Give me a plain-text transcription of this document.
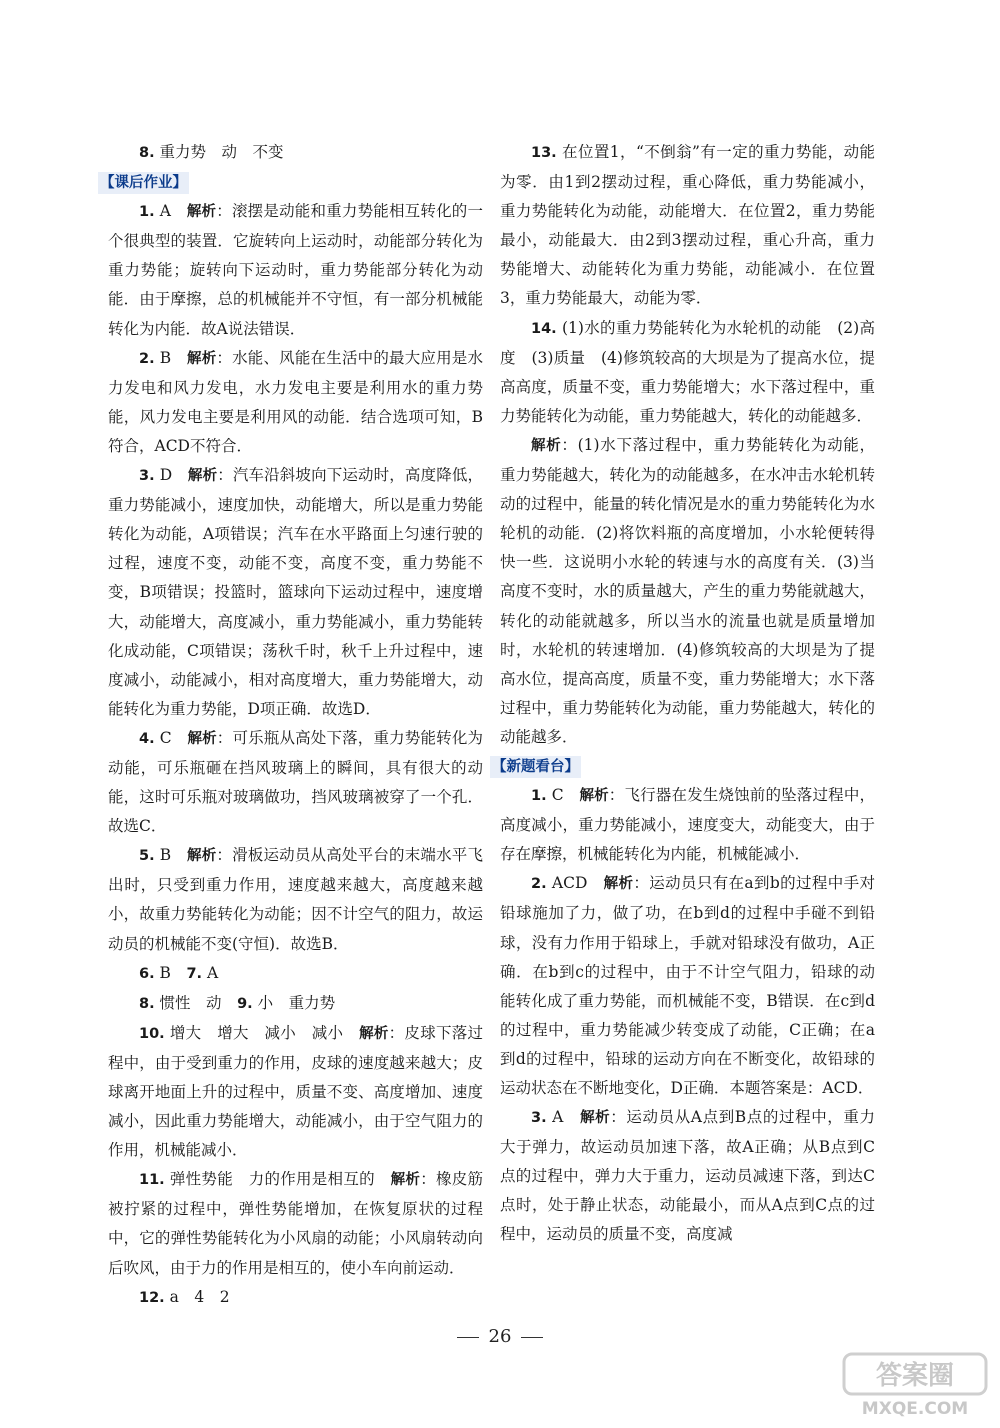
8. 重力势　动　不变

【课后作业】

1. A　 解析：滚摆是动能和重力势能相互转化的一个很典型的装置．它旋转向上运动时，动能部分转化为重力势能；旋转向下运动时，重力势能部分转化为动能．由于摩擦，总的机械能并不守恒，有一部分机械能转化为内能．故A说法错误．

2. B　 解析：水能、风能在生活中的最大应用是水力发电和风力发电，水力发电主要是利用水的重力势能，风力发电主要是利用风的动能．结合选项可知，B符合，ACD不符合．

3. D　 解析：汽车沿斜坡向下运动时，高度降低，重力势能减小，速度加快，动能增大，所以是重力势能转化为动能，A项错误；汽车在水平路面上匀速行驶的过程，速度不变，动能不变，高度不变，重力势能不变，B项错误；投篮时，篮球向下运动过程中，速度增大，动能增大，高度减小，重力势能减小，重力势能转化成动能，C项错误；荡秋千时，秋千上升过程中，速度减小，动能减小，相对高度增大，重力势能增大，动能转化为重力势能，D项正确．故选D．

4. C　 解析：可乐瓶从高处下落，重力势能转化为动能，可乐瓶砸在挡风玻璃上的瞬间，具有很大的动能，这时可乐瓶对玻璃做功，挡风玻璃被穿了一个孔．故选C．

5. B　 解析：滑板运动员从高处平台的末端水平飞出时，只受到重力作用，速度越来越大，高度越来越小，故重力势能转化为动能；因不计空气的阻力，故运动员的机械能不变(守恒)．故选B．

6. B　7. A

8. 惯性　动　9. 小　重力势

10. 增大　增大　减小　减小　 解析：皮球下落过程中，由于受到重力的作用，皮球的速度越来越大；皮球离开地面上升的过程中，质量不变、高度增加、速度减小，因此重力势能增大，动能减小，由于空气阻力的作用，机械能减小．

11. 弹性势能　力的作用是相互的　 解析：橡皮筋被拧紧的过程中，弹性势能增加，在恢复原状的过程中，它的弹性势能转化为小风扇的动能；小风扇转动向后吹风，由于力的作用是相互的，使小车向前运动．

12. a　4　2

13. 在位置1，“不倒翁”有一定的重力势能，动能为零．由1到2摆动过程，重心降低，重力势能减小，重力势能转化为动能，动能增大．在位置2，重力势能最小，动能最大．由2到3摆动过程，重心升高，重力势能增大、动能转化为重力势能，动能减小．在位置3，重力势能最大，动能为零．

14. (1)水的重力势能转化为水轮机的动能　(2)高度　(3)质量　(4)修筑较高的大坝是为了提高水位，提高高度，质量不变，重力势能增大；水下落过程中，重力势能转化为动能，重力势能越大，转化的动能越多．

解析：(1)水下落过程中，重力势能转化为动能，重力势能越大，转化为的动能越多，在水冲击水轮机转动的过程中，能量的转化情况是水的重力势能转化为水轮机的动能．(2)将饮料瓶的高度增加，小水轮便转得快一些．这说明小水轮的转速与水的高度有关．(3)当高度不变时，水的质量越大，产生的重力势能就越大，转化的动能就越多，所以当水的流量也就是质量增加时，水轮机的转速增加．(4)修筑较高的大坝是为了提高水位，提高高度，质量不变，重力势能增大；水下落过程中，重力势能转化为动能，重力势能越大，转化的动能越多．

【新题看台】

1. C　 解析：飞行器在发生烧蚀前的坠落过程中，高度减小，重力势能减小，速度变大，动能变大，由于存在摩擦，机械能转化为内能，机械能减小．

2. ACD　 解析：运动员只有在a到b的过程中手对铅球施加了力，做了功，在b到d的过程中手碰不到铅球，没有力作用于铅球上，手就对铅球没有做功，A正确．在b到c的过程中，由于不计空气阻力，铅球的动能转化成了重力势能，而机械能不变，B错误．在c到d的过程中，重力势能减少转变成了动能，C正确；在a到d的过程中，铅球的运动方向在不断变化，故铅球的运动状态在不断地变化，D正确．本题答案是：ACD．

3. A　 解析：运动员从A点到B点的过程中，重力大于弹力，故运动员加速下落，故A正确；从B点到C点的过程中，弹力大于重力，运动员减速下落，到达C点时，处于静止状态，动能最小，而从A点到C点的过程中，运动员的质量不变，高度减

26
答案圈
MXQE.COM
